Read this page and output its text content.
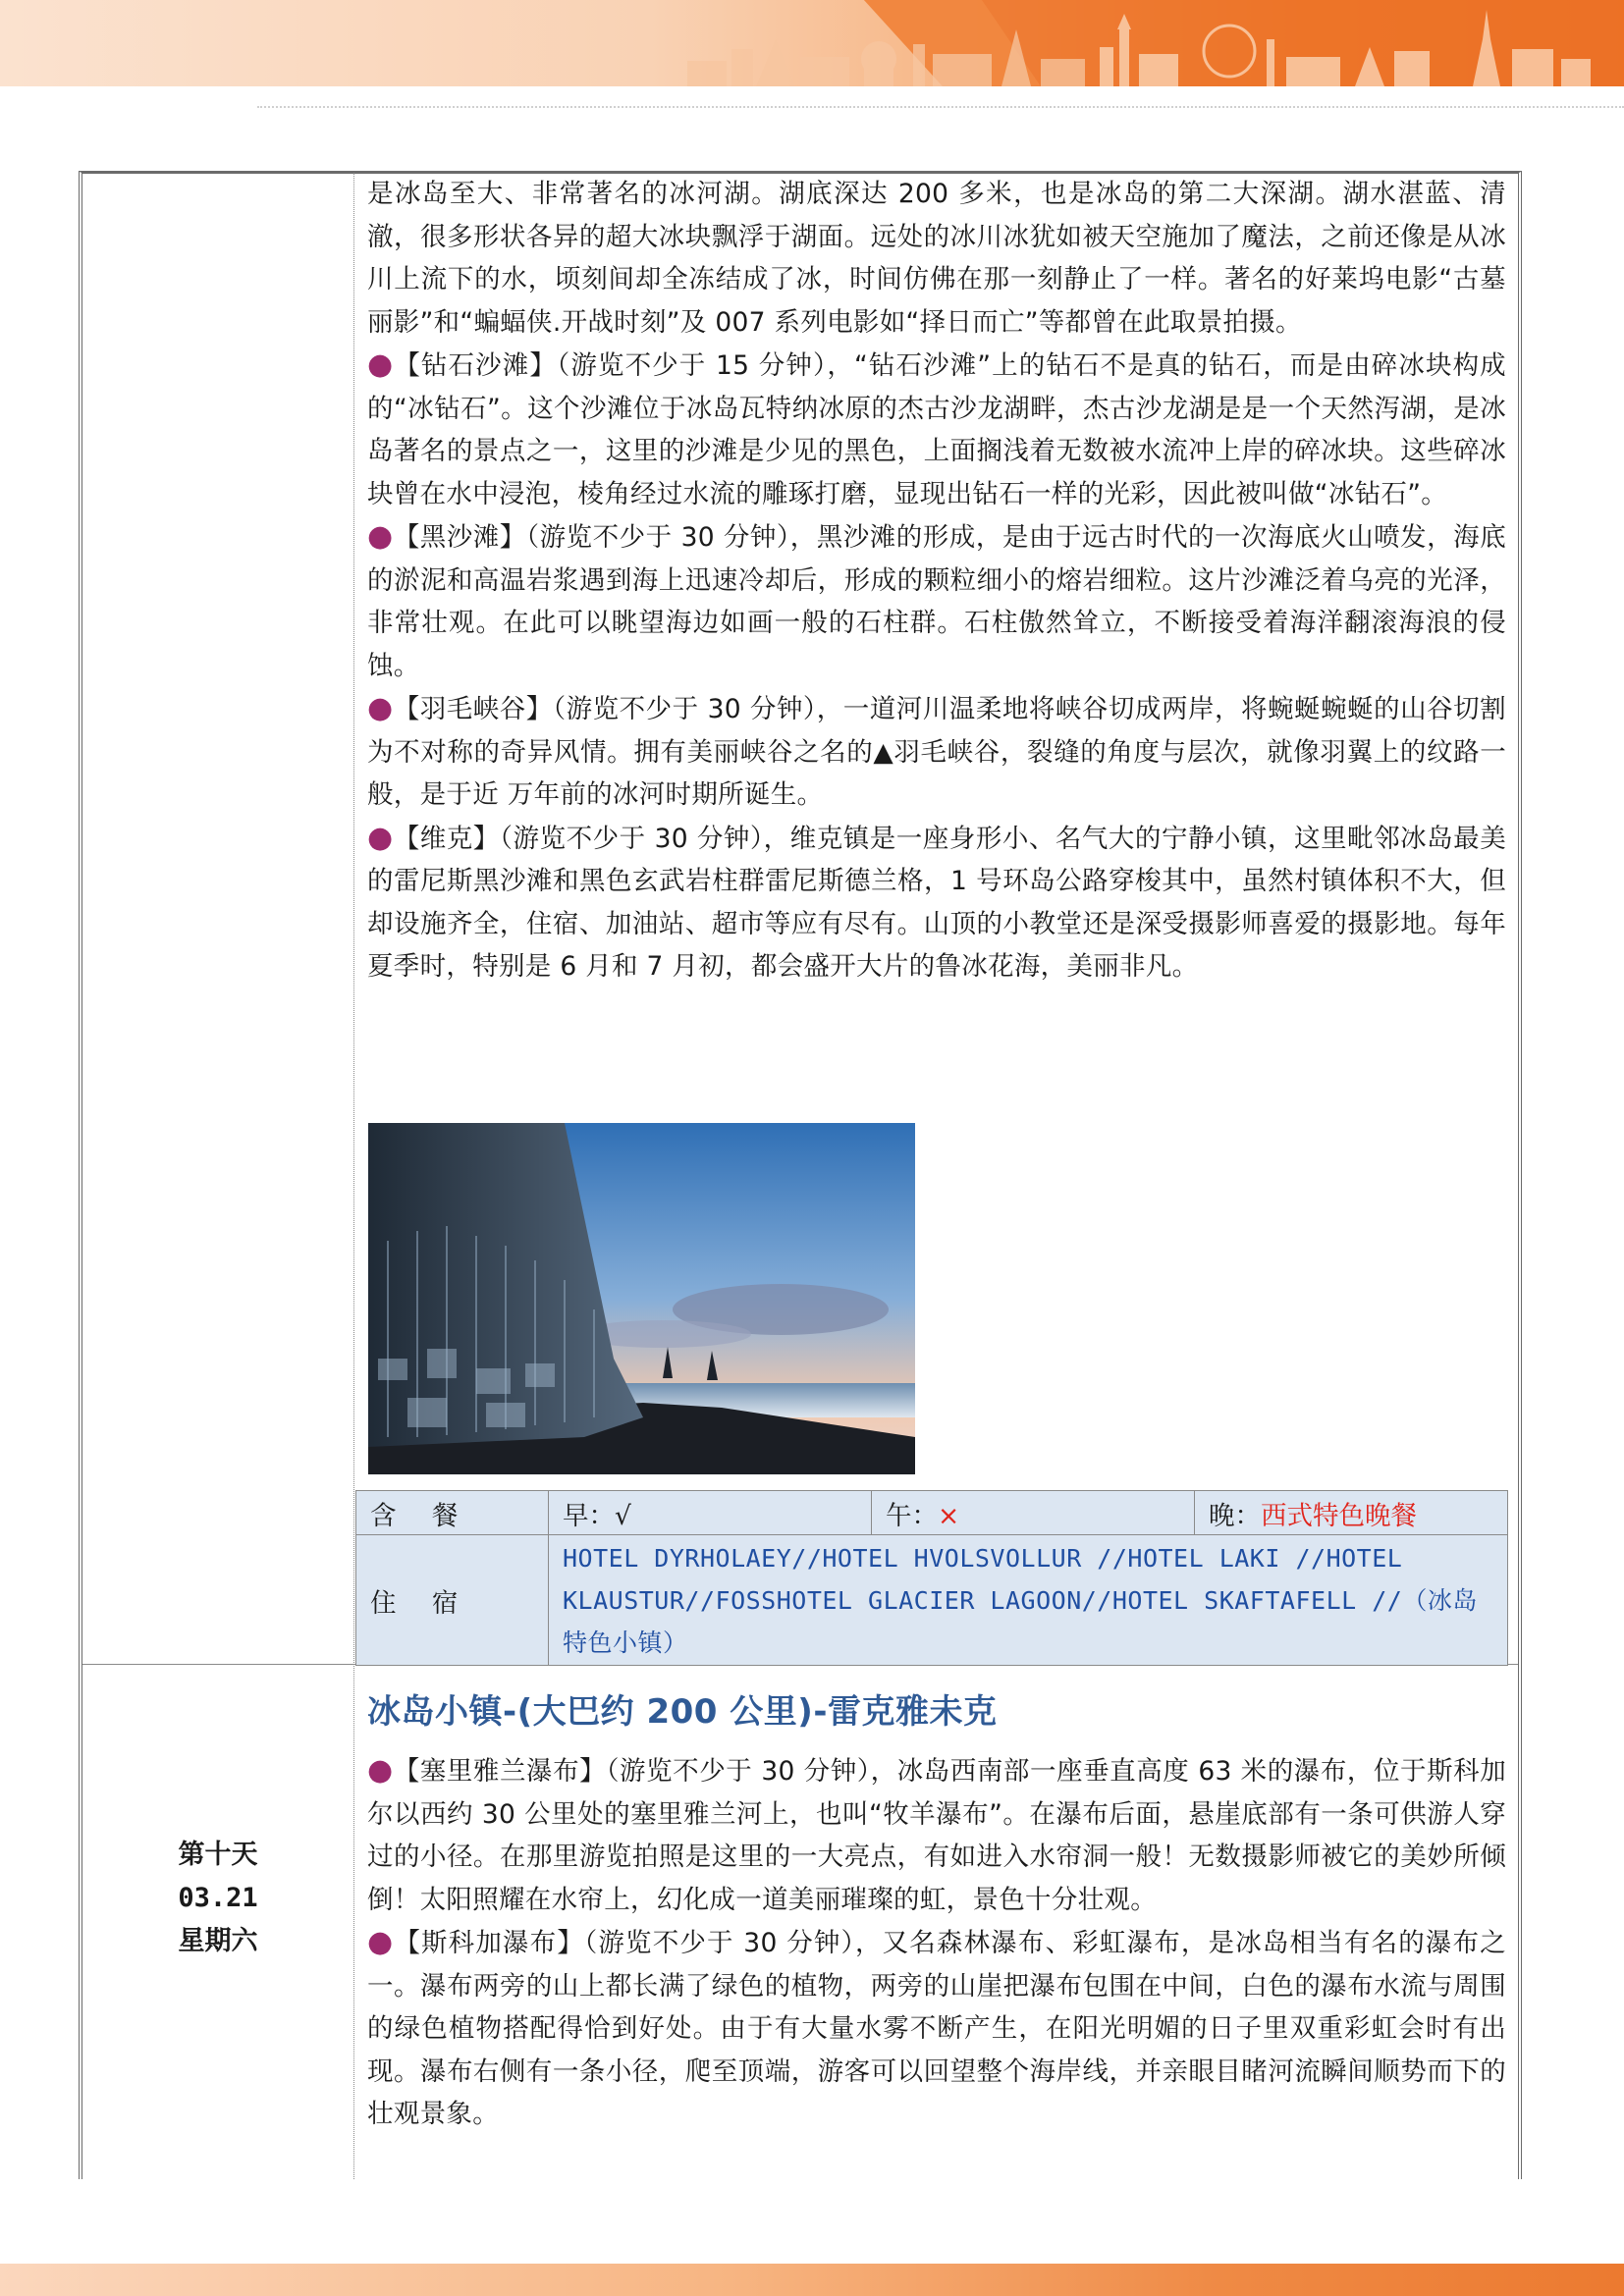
是冰岛至大、非常著名的冰河湖。湖底深达 200 多米，也是冰岛的第二大深湖。湖水湛蓝、清澈，很多形状各异的超大冰块飘浮于湖面。远处的冰川冰犹如被天空施加了魔法，之前还像是从冰川上流下的水，顷刻间却全冻结成了冰，时间仿佛在那一刻静止了一样。著名的好莱坞电影“古墓丽影”和“蝙蝠侠.开战时刻”及 007 系列电影如“择日而亡”等都曾在此取景拍摄。

●【钻石沙滩】（游览不少于 15 分钟），“钻石沙滩”上的钻石不是真的钻石，而是由碎冰块构成的“冰钻石”。这个沙滩位于冰岛瓦特纳冰原的杰古沙龙湖畔，杰古沙龙湖是是一个天然泻湖，是冰岛著名的景点之一，这里的沙滩是少见的黑色，上面搁浅着无数被水流冲上岸的碎冰块。这些碎冰块曾在水中浸泡，棱角经过水流的雕琢打磨，显现出钻石一样的光彩，因此被叫做“冰钻石”。

●【黑沙滩】（游览不少于 30 分钟），黑沙滩的形成，是由于远古时代的一次海底火山喷发，海底的淤泥和高温岩浆遇到海上迅速冷却后，形成的颗粒细小的熔岩细粒。这片沙滩泛着乌亮的光泽，非常壮观。在此可以眺望海边如画一般的石柱群。石柱傲然耸立，不断接受着海洋翻滚海浪的侵蚀。

●【羽毛峡谷】（游览不少于 30 分钟），一道河川温柔地将峡谷切成两岸，将蜿蜒蜿蜒的山谷切割为不对称的奇异风情。拥有美丽峡谷之名的▲羽毛峡谷，裂缝的角度与层次，就像羽翼上的纹路一般，是于近 万年前的冰河时期所诞生。

●【维克】（游览不少于 30 分钟），维克镇是一座身形小、名气大的宁静小镇，这里毗邻冰岛最美的雷尼斯黑沙滩和黑色玄武岩柱群雷尼斯德兰格，1 号环岛公路穿梭其中，虽然村镇体积不大，但却设施齐全，住宿、加油站、超市等应有尽有。山顶的小教堂还是深受摄影师喜爱的摄影地。每年夏季时，特别是 6 月和 7 月初，都会盛开大片的鲁冰花海，美丽非凡。

含 餐	早：√	午：×	晚：西式特色晚餐
住 宿	HOTEL DYRHOLAEY//HOTEL HVOLSVOLLUR //HOTEL LAKI //HOTEL KLAUSTUR//FOSSHOTEL GLACIER LAGOON//HOTEL SKAFTAFELL //（冰岛特色小镇）		
第十天
03.21
星期六
冰岛小镇-(大巴约 200 公里)-雷克雅未克

●【塞里雅兰瀑布】（游览不少于 30 分钟），冰岛西南部一座垂直高度 63 米的瀑布，位于斯科加尔以西约 30 公里处的塞里雅兰河上，也叫“牧羊瀑布”。在瀑布后面，悬崖底部有一条可供游人穿过的小径。在那里游览拍照是这里的一大亮点，有如进入水帘洞一般！无数摄影师被它的美妙所倾倒！太阳照耀在水帘上，幻化成一道美丽璀璨的虹，景色十分壮观。

●【斯科加瀑布】（游览不少于 30 分钟），又名森林瀑布、彩虹瀑布，是冰岛相当有名的瀑布之一。瀑布两旁的山上都长满了绿色的植物，两旁的山崖把瀑布包围在中间，白色的瀑布水流与周围的绿色植物搭配得恰到好处。由于有大量水雾不断产生，在阳光明媚的日子里双重彩虹会时有出现。瀑布右侧有一条小径，爬至顶端，游客可以回望整个海岸线，并亲眼目睹河流瞬间顺势而下的壮观景象。
